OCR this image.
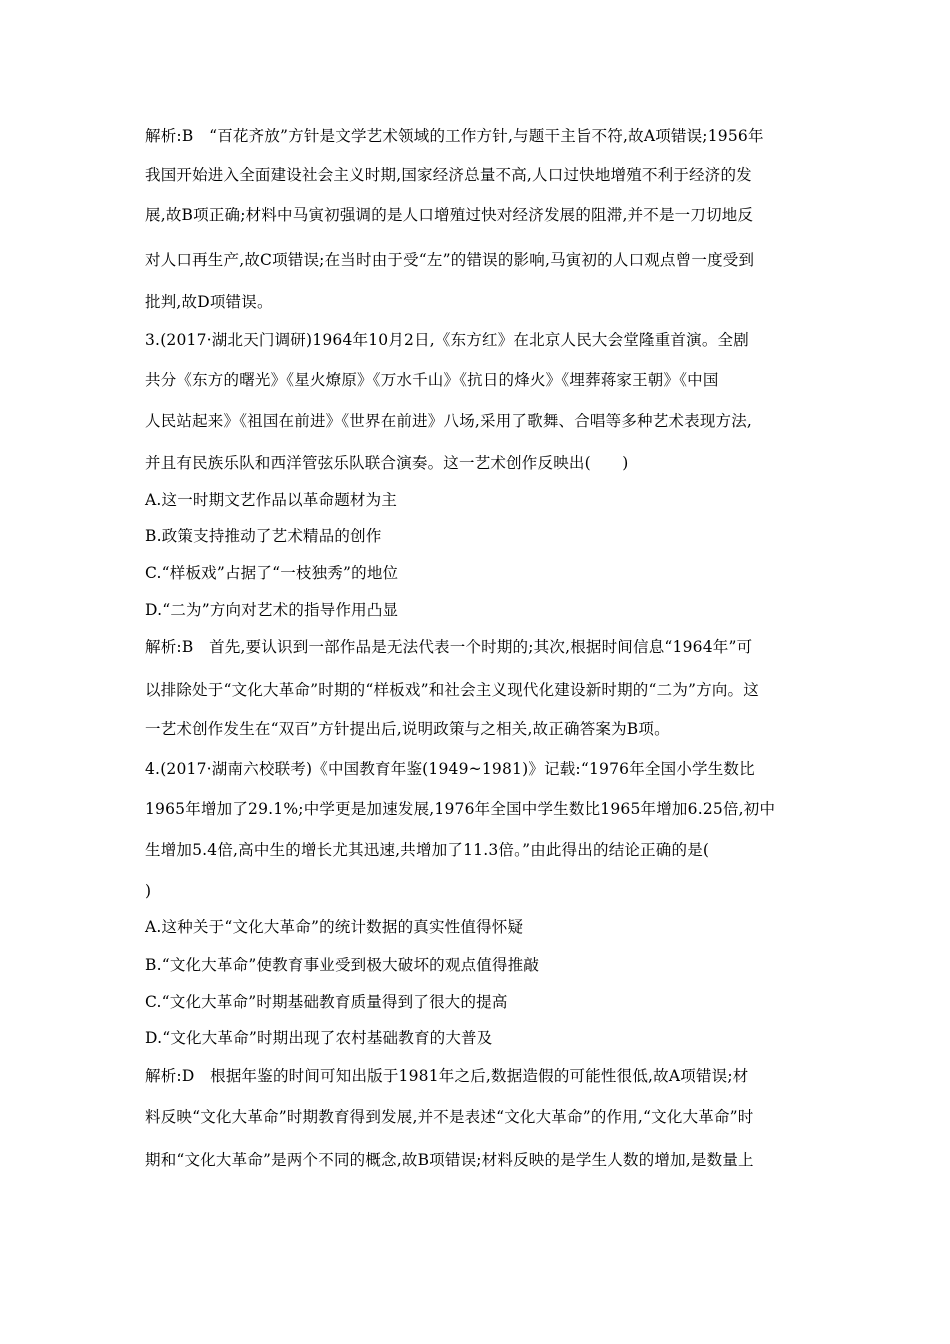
解析:B　“百花齐放”方针是文学艺术领域的工作方针,与题干主旨不符,故A项错误;1956年
我国开始进入全面建设社会主义时期,国家经济总量不高,人口过快地增殖不利于经济的发
展,故B项正确;材料中马寅初强调的是人口增殖过快对经济发展的阻滞,并不是一刀切地反
对人口再生产,故C项错误;在当时由于受“左”的错误的影响,马寅初的人口观点曾一度受到
批判,故D项错误。
3.(2017·湖北天门调研)1964年10月2日,《东方红》在北京人民大会堂隆重首演。全剧
共分《东方的曙光》《星火燎原》《万水千山》《抗日的烽火》《埋葬蒋家王朝》《中国
人民站起来》《祖国在前进》《世界在前进》八场,采用了歌舞、合唱等多种艺术表现方法,
并且有民族乐队和西洋管弦乐队联合演奏。这一艺术创作反映出(　　)
A.这一时期文艺作品以革命题材为主
B.政策支持推动了艺术精品的创作
C.“样板戏”占据了“一枝独秀”的地位
D.“二为”方向对艺术的指导作用凸显
解析:B　首先,要认识到一部作品是无法代表一个时期的;其次,根据时间信息“1964年”可
以排除处于“文化大革命”时期的“样板戏”和社会主义现代化建设新时期的“二为”方向。这
一艺术创作发生在“双百”方针提出后,说明政策与之相关,故正确答案为B项。
4.(2017·湖南六校联考)《中国教育年鉴(1949~1981)》记载:“1976年全国小学生数比
1965年增加了29.1%;中学更是加速发展,1976年全国中学生数比1965年增加6.25倍,初中
生增加5.4倍,高中生的增长尤其迅速,共增加了11.3倍。”由此得出的结论正确的是(
)
A.这种关于“文化大革命”的统计数据的真实性值得怀疑
B.“文化大革命”使教育事业受到极大破坏的观点值得推敲
C.“文化大革命”时期基础教育质量得到了很大的提高
D.“文化大革命”时期出现了农村基础教育的大普及
解析:D　根据年鉴的时间可知出版于1981年之后,数据造假的可能性很低,故A项错误;材
料反映“文化大革命”时期教育得到发展,并不是表述“文化大革命”的作用,“文化大革命”时
期和“文化大革命”是两个不同的概念,故B项错误;材料反映的是学生人数的增加,是数量上
